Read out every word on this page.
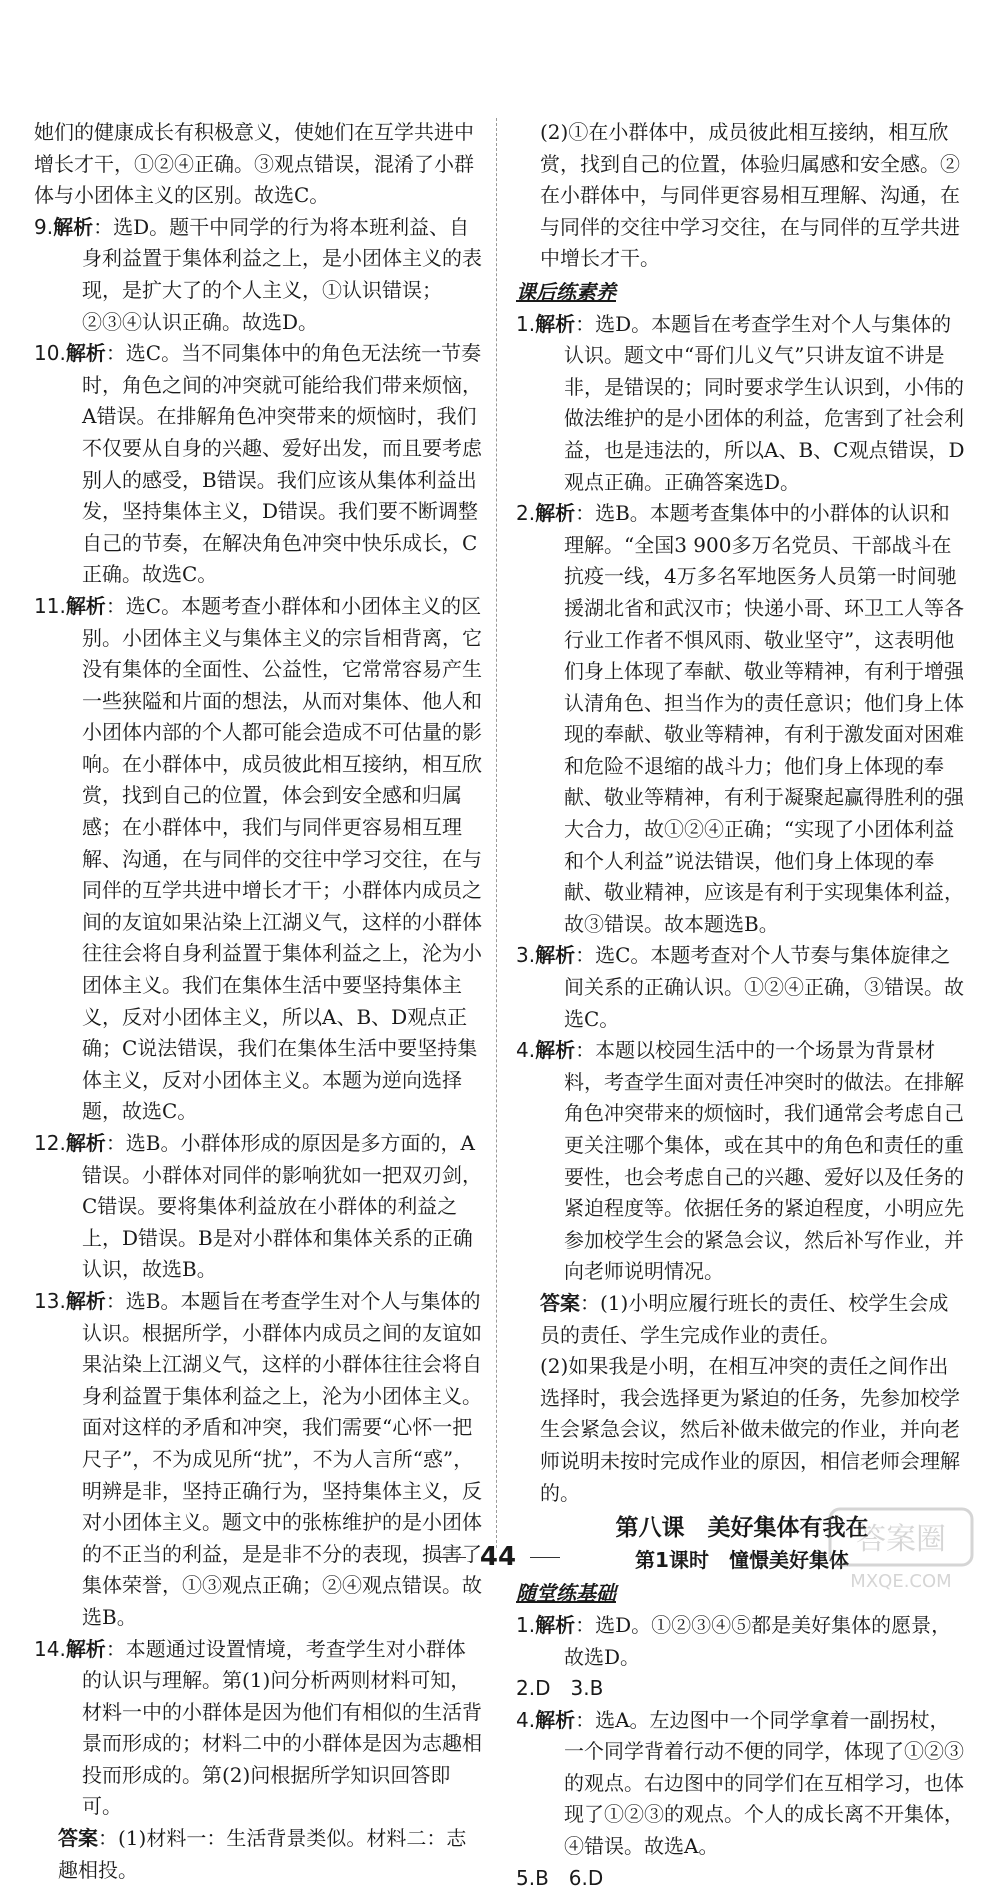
她们的健康成长有积极意义，使她们在互学共进中增长才干，①②④正确。③观点错误，混淆了小群体与小团体主义的区别。故选C。

9.解析：选D。题干中同学的行为将本班利益、自身利益置于集体利益之上，是小团体主义的表现，是扩大了的个人主义，①认识错误；②③④认识正确。故选D。

10.解析：选C。当不同集体中的角色无法统一节奏时，角色之间的冲突就可能给我们带来烦恼，A错误。在排解角色冲突带来的烦恼时，我们不仅要从自身的兴趣、爱好出发，而且要考虑别人的感受，B错误。我们应该从集体利益出发，坚持集体主义，D错误。我们要不断调整自己的节奏，在解决角色冲突中快乐成长，C正确。故选C。

11.解析：选C。本题考查小群体和小团体主义的区别。小团体主义与集体主义的宗旨相背离，它没有集体的全面性、公益性，它常常容易产生一些狭隘和片面的想法，从而对集体、他人和小团体内部的个人都可能会造成不可估量的影响。在小群体中，成员彼此相互接纳，相互欣赏，找到自己的位置，体会到安全感和归属感；在小群体中，我们与同伴更容易相互理解、沟通，在与同伴的交往中学习交往，在与同伴的互学共进中增长才干；小群体内成员之间的友谊如果沾染上江湖义气，这样的小群体往往会将自身利益置于集体利益之上，沦为小团体主义。我们在集体生活中要坚持集体主义，反对小团体主义，所以A、B、D观点正确；C说法错误，我们在集体生活中要坚持集体主义，反对小团体主义。本题为逆向选择题，故选C。

12.解析：选B。小群体形成的原因是多方面的，A错误。小群体对同伴的影响犹如一把双刃剑，C错误。要将集体利益放在小群体的利益之上，D错误。B是对小群体和集体关系的正确认识，故选B。

13.解析：选B。本题旨在考查学生对个人与集体的认识。根据所学，小群体内成员之间的友谊如果沾染上江湖义气，这样的小群体往往会将自身利益置于集体利益之上，沦为小团体主义。面对这样的矛盾和冲突，我们需要“心怀一把尺子”，不为成见所“扰”，不为人言所“惑”，明辨是非，坚持正确行为，坚持集体主义，反对小团体主义。题文中的张栋维护的是小团体的不正当的利益，是是非不分的表现，损害了集体荣誉，①③观点正确；②④观点错误。故选B。

14.解析：本题通过设置情境，考查学生对小群体的认识与理解。第(1)问分析两则材料可知，材料一中的小群体是因为他们有相似的生活背景而形成的；材料二中的小群体是因为志趣相投而形成的。第(2)问根据所学知识回答即可。

答案：(1)材料一：生活背景类似。材料二：志趣相投。

(2)①在小群体中，成员彼此相互接纳，相互欣赏，找到自己的位置，体验归属感和安全感。②在小群体中，与同伴更容易相互理解、沟通，在与同伴的交往中学习交往，在与同伴的互学共进中增长才干。

课后练素养

1.解析：选D。本题旨在考查学生对个人与集体的认识。题文中“哥们儿义气”只讲友谊不讲是非，是错误的；同时要求学生认识到，小伟的做法维护的是小团体的利益，危害到了社会利益，也是违法的，所以A、B、C观点错误，D观点正确。正确答案选D。

2.解析：选B。本题考查集体中的小群体的认识和理解。“全国3 900多万名党员、干部战斗在抗疫一线，4万多名军地医务人员第一时间驰援湖北省和武汉市；快递小哥、环卫工人等各行业工作者不惧风雨、敬业坚守”，这表明他们身上体现了奉献、敬业等精神，有利于增强认清角色、担当作为的责任意识；他们身上体现的奉献、敬业等精神，有利于激发面对困难和危险不退缩的战斗力；他们身上体现的奉献、敬业等精神，有利于凝聚起赢得胜利的强大合力，故①②④正确；“实现了小团体利益和个人利益”说法错误，他们身上体现的奉献、敬业精神，应该是有利于实现集体利益，故③错误。故本题选B。

3.解析：选C。本题考查对个人节奏与集体旋律之间关系的正确认识。①②④正确，③错误。故选C。

4.解析：本题以校园生活中的一个场景为背景材料，考查学生面对责任冲突时的做法。在排解角色冲突带来的烦恼时，我们通常会考虑自己更关注哪个集体，或在其中的角色和责任的重要性，也会考虑自己的兴趣、爱好以及任务的紧迫程度等。依据任务的紧迫程度，小明应先参加校学生会的紧急会议，然后补写作业，并向老师说明情况。

答案：(1)小明应履行班长的责任、校学生会成员的责任、学生完成作业的责任。

(2)如果我是小明，在相互冲突的责任之间作出选择时，我会选择更为紧迫的任务，先参加校学生会紧急会议，然后补做未做完的作业，并向老师说明未按时完成作业的原因，相信老师会理解的。

第八课　美好集体有我在

第1课时　憧憬美好集体

随堂练基础

1.解析：选D。①②③④⑤都是美好集体的愿景，故选D。

2.D　3.B

4.解析：选A。左边图中一个同学拿着一副拐杖，一个同学背着行动不便的同学，体现了①②③的观点。右边图中的同学们在互相学习，也体现了①②③的观点。个人的成长离不开集体，④错误。故选A。

5.B　6.D

44	答案圈
MXQE.COM
